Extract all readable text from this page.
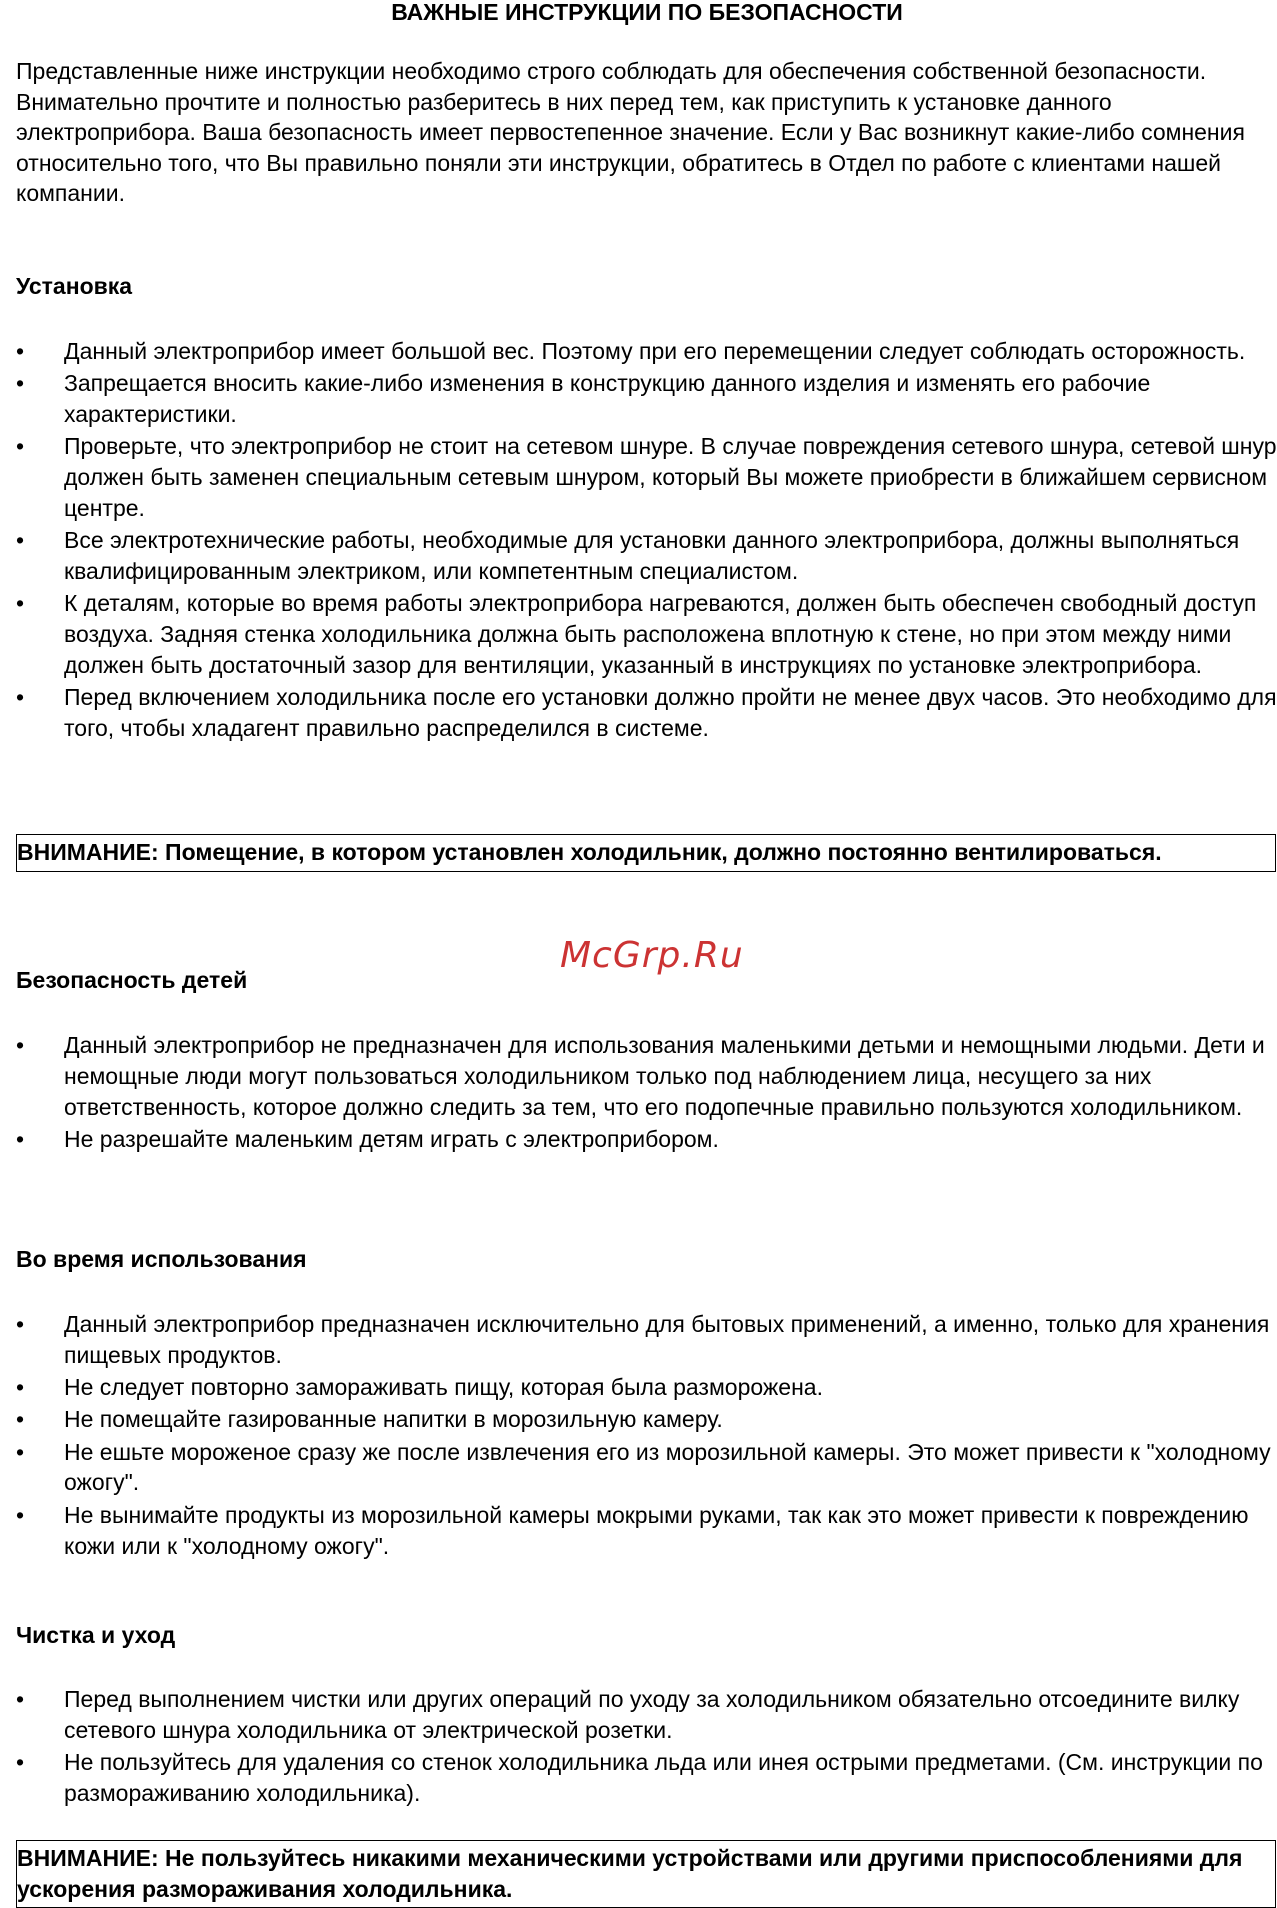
ВАЖНЫЕ ИНСТРУКЦИИ ПО БЕЗОПАСНОСТИ

Представленные ниже инструкции необходимо строго соблюдать для обеспечения собственной безопасности. Внимательно прочтите и полностью разберитесь в них перед тем, как приступить к установке данного электроприбора. Ваша безопасность имеет первостепенное значение. Если у Вас возникнут какие-либо сомнения относительно того, что Вы правильно поняли эти инструкции, обратитесь в Отдел по работе с клиентами нашей компании.

Установка
• Данный электроприбор имеет большой вес. Поэтому при его перемещении следует соблюдать осторожность.
• Запрещается вносить какие-либо изменения в конструкцию данного изделия и изменять его рабочие характеристики.
• Проверьте, что электроприбор не стоит на сетевом шнуре. В случае повреждения сетевого шнура, сетевой шнур должен быть заменен специальным сетевым шнуром, который Вы можете приобрести в ближайшем сервисном центре.
• Все электротехнические работы, необходимые для установки данного электроприбора, должны выполняться квалифицированным электриком, или компетентным специалистом.
• К деталям, которые во время работы электроприбора нагреваются, должен быть обеспечен свободный доступ воздуха. Задняя стенка холодильника должна быть расположена вплотную к стене, но при этом между ними должен быть достаточный зазор для вентиляции, указанный в инструкциях по установке электроприбора.
• Перед включением холодильника после его установки должно пройти не менее двух часов. Это необходимо для того, чтобы хладагент правильно распределился в системе.
ВНИМАНИЕ: Помещение, в котором установлен холодильник, должно постоянно вентилироваться.
McGrp.Ru
Безопасность детей
• Данный электроприбор не предназначен для использования маленькими детьми и немощными людьми. Дети и немощные люди могут пользоваться холодильником только под наблюдением лица, несущего за них ответственность, которое должно следить за тем, что его подопечные правильно пользуются холодильником.
• Не разрешайте маленьким детям играть с электроприбором.
Во время использования
• Данный электроприбор предназначен исключительно для бытовых применений, а именно, только для хранения пищевых продуктов.
• Не следует повторно замораживать пищу, которая была разморожена.
• Не помещайте газированные напитки в морозильную камеру.
• Не ешьте мороженое сразу же после извлечения его из морозильной камеры. Это может привести к "холодному ожогу".
• Не вынимайте продукты из морозильной камеры мокрыми руками, так как это может привести к повреждению кожи или к "холодному ожогу".
Чистка и уход
• Перед выполнением чистки или других операций по уходу за холодильником обязательно отсоедините вилку сетевого шнура холодильника от электрической розетки.
• Не пользуйтесь для удаления со стенок холодильника льда или инея острыми предметами. (См. инструкции по размораживанию холодильника).
ВНИМАНИЕ: Не пользуйтесь никакими механическими устройствами или другими приспособлениями для ускорения размораживания холодильника.
